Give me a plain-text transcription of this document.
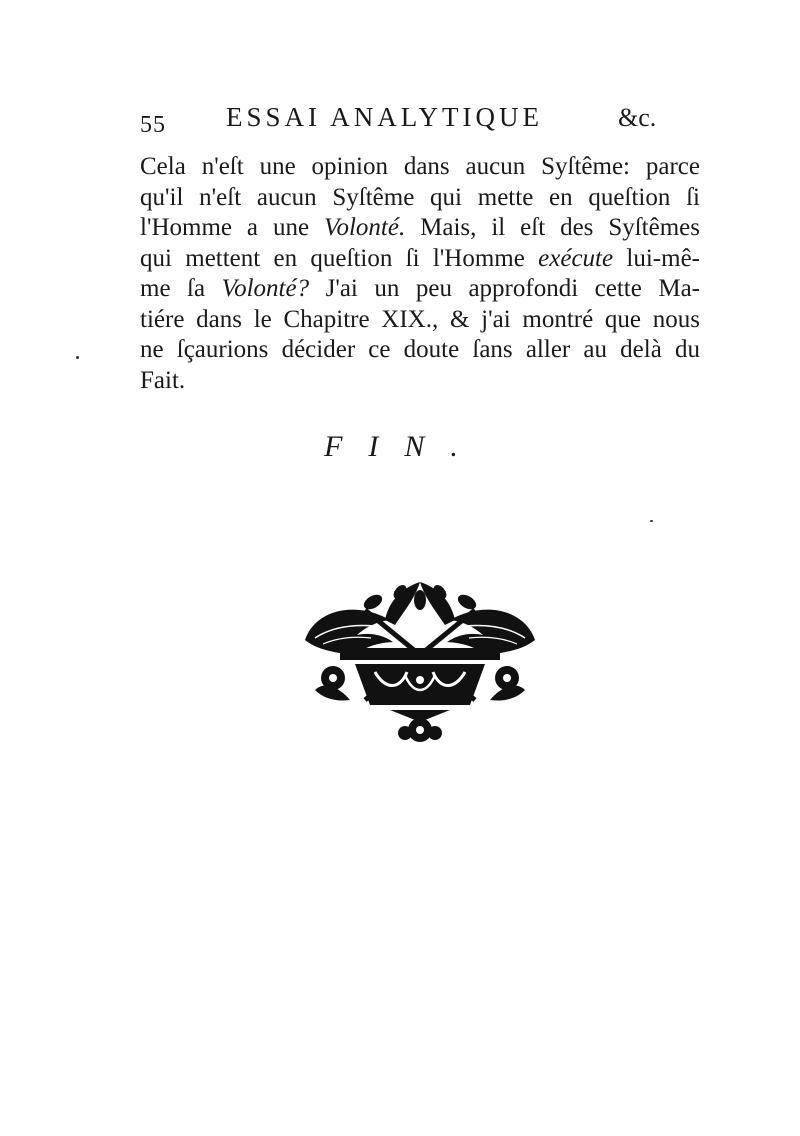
55 ESSAI ANALYTIQUE	&c.
Cela n'eſt une opinion dans aucun Syſtême: parce
qu'il n'eſt aucun Syſtême qui mette en queſtion ſi
l'Homme a une Volonté. Mais, il eſt des Syſtêmes
qui mettent en queſtion ſi l'Homme exécute lui-mê-
me ſa Volonté? J'ai un peu approfondi cette Ma-
tiére dans le Chapitre XIX., & j'ai montré que nous
ne ſçaurions décider ce doute ſans aller au delà du
Fait.
FIN.
